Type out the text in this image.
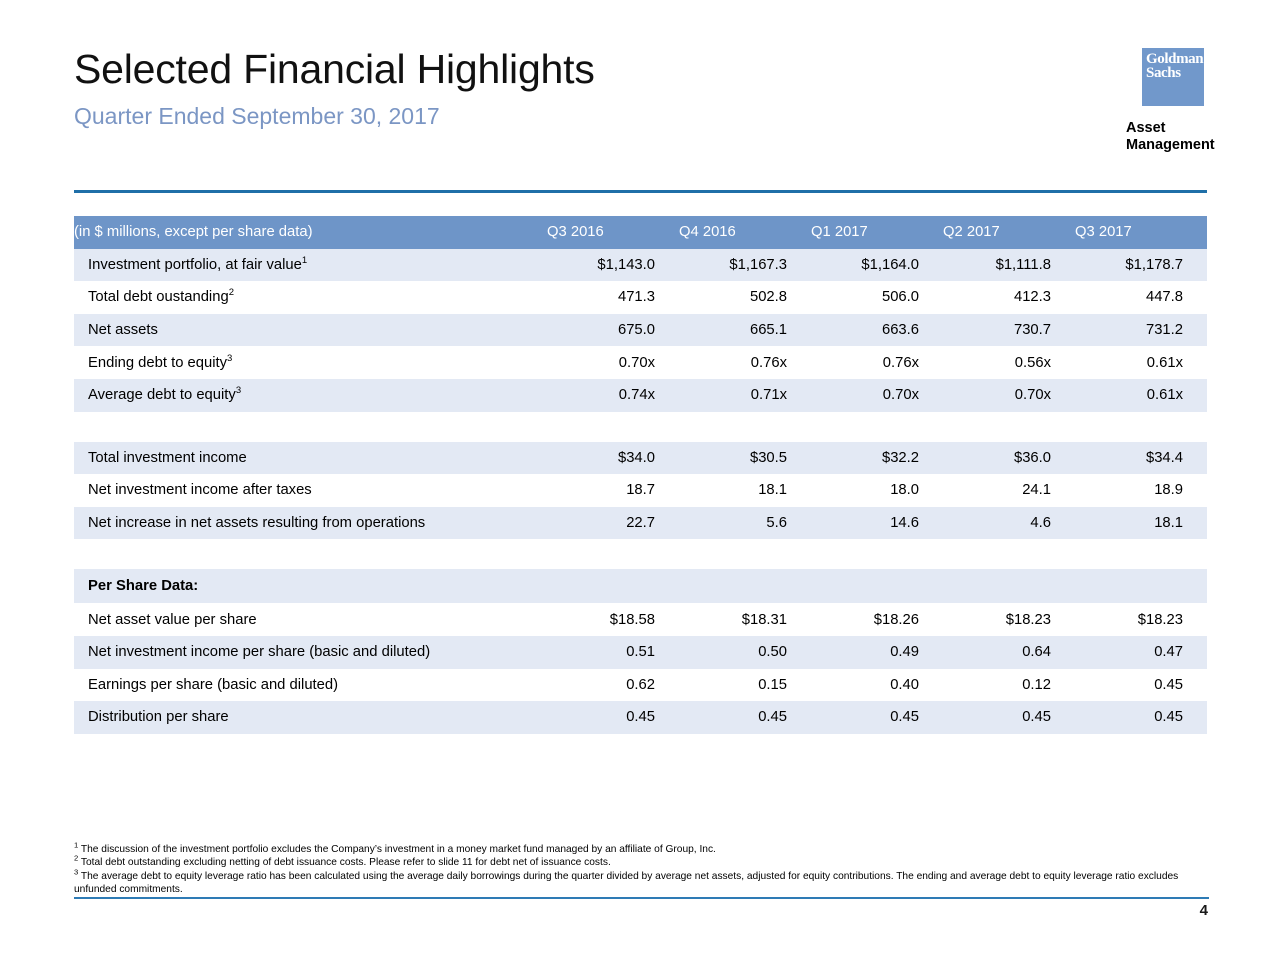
Selected Financial Highlights
Quarter Ended September 30, 2017
Goldman
Sachs
Asset
Management
(in $ millions, except per share data)	Q3 2016	Q4 2016	Q1 2017	Q2 2017	Q3 2017
Investment portfolio, at fair value$^1$	$1,143.0	$1,167.3	$1,164.0	$1,111.8	$1,178.7
Total debt oustanding$^2$	471.3	502.8	506.0	412.3	447.8
Net assets	675.0	665.1	663.6	730.7	731.2
Ending debt to equity$^3$	0.70x	0.76x	0.76x	0.56x	0.61x
Average debt to equity$^3$	0.74x	0.71x	0.70x	0.70x	0.61x

Total investment income	$34.0	$30.5	$32.2	$36.0	$34.4
Net investment income after taxes	18.7	18.1	18.0	24.1	18.9
Net increase in net assets resulting from operations	22.7	5.6	14.6	4.6	18.1

Per Share Data:					
Net asset value per share	$18.58	$18.31	$18.26	$18.23	$18.23
Net investment income per share (basic and diluted)	0.51	0.50	0.49	0.64	0.47
Earnings per share (basic and diluted)	0.62	0.15	0.40	0.12	0.45
Distribution per share	0.45	0.45	0.45	0.45	0.45
$^1$ The discussion of the investment portfolio excludes the Company’s investment in a money market fund managed by an affiliate of Group, Inc.
$^2$ Total debt outstanding excluding netting of debt issuance costs. Please refer to slide 11 for debt net of issuance costs.
$^3$ The average debt to equity leverage ratio has been calculated using the average daily borrowings during the quarter divided by average net assets, adjusted for equity contributions. The ending and average debt to equity leverage ratio excludes unfunded commitments.
4
